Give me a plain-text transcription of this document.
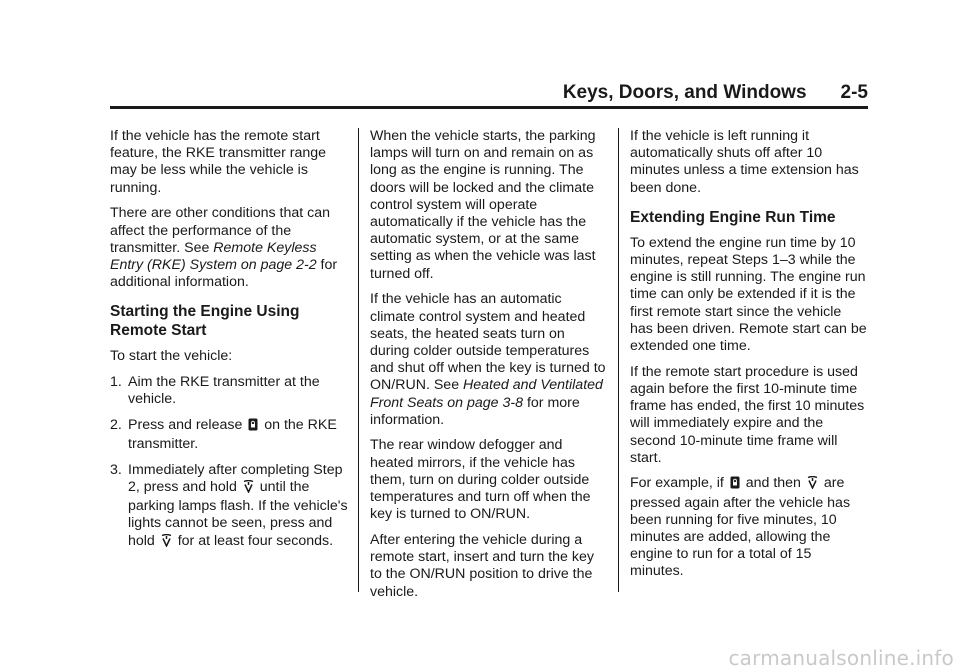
Keys, Doors, and Windows 2-5

If the vehicle has the remote start feature, the RKE transmitter range may be less while the vehicle is running.

There are other conditions that can affect the performance of the transmitter. See Remote Keyless Entry (RKE) System on page 2-2 for additional information.

Starting the Engine Using Remote Start

To start the vehicle:

1. Aim the RKE transmitter at the vehicle.
2. Press and release  on the RKE transmitter.
3. Immediately after completing Step 2, press and hold  until the parking lamps flash. If the vehicle's lights cannot be seen, press and hold  for at least four seconds.

When the vehicle starts, the parking lamps will turn on and remain on as long as the engine is running. The doors will be locked and the climate control system will operate automatically if the vehicle has the automatic system, or at the same setting as when the vehicle was last turned off.

If the vehicle has an automatic climate control system and heated seats, the heated seats turn on during colder outside temperatures and shut off when the key is turned to ON/RUN. See Heated and Ventilated Front Seats on page 3-8 for more information.

The rear window defogger and heated mirrors, if the vehicle has them, turn on during colder outside temperatures and turn off when the key is turned to ON/RUN.

After entering the vehicle during a remote start, insert and turn the key to the ON/RUN position to drive the vehicle.

If the vehicle is left running it automatically shuts off after 10 minutes unless a time extension has been done.

Extending Engine Run Time

To extend the engine run time by 10 minutes, repeat Steps 1–3 while the engine is still running. The engine run time can only be extended if it is the first remote start since the vehicle has been driven. Remote start can be extended one time.

If the remote start procedure is used again before the first 10-minute time frame has ended, the first 10 minutes will immediately expire and the second 10-minute time frame will start.

For example, if  and then  are pressed again after the vehicle has been running for five minutes, 10 minutes are added, allowing the engine to run for a total of 15 minutes.

carmanualsonline.info
